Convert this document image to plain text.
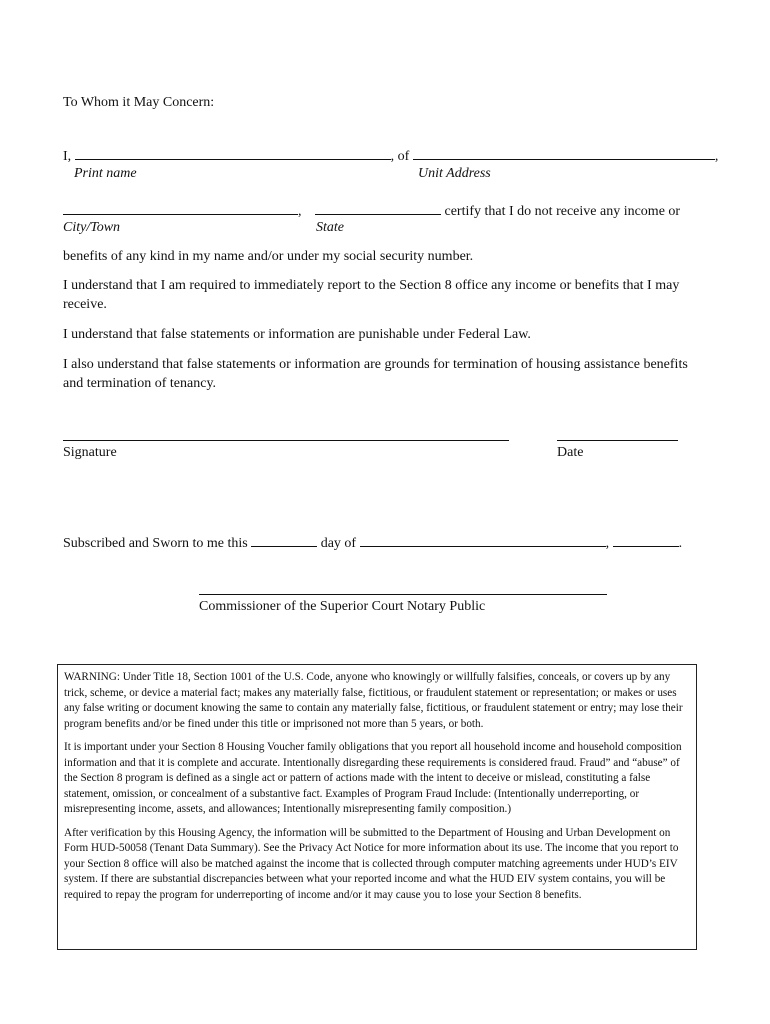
To Whom it May Concern:
I,	, of	,
Print name	Unit Address
,	certify that I do not receive any income or
City/Town	State
benefits of any kind in my name and/or under my social security number.
I understand that I am required to immediately report to the Section 8 office any income or benefits that I may receive.
I understand that false statements or information are punishable under Federal Law.
I also understand that false statements or information are grounds for termination of housing assistance benefits and termination of tenancy.
Signature	Date
Subscribed and Sworn to me this	day of	,	.
Commissioner of the Superior Court Notary Public

WARNING: Under Title 18, Section 1001 of the U.S. Code, anyone who knowingly or willfully falsifies, conceals, or covers up by any trick, scheme, or device a material fact; makes any materially false, fictitious, or fraudulent statement or representation; or makes or uses any false writing or document knowing the same to contain any materially false, fictitious, or fraudulent statement or entry; may lose their program benefits and/or be fined under this title or imprisoned not more than 5 years, or both.

It is important under your Section 8 Housing Voucher family obligations that you report all household income and household composition information and that it is complete and accurate. Intentionally disregarding these requirements is considered fraud. Fraud” and “abuse” of the Section 8 program is defined as a single act or pattern of actions made with the intent to deceive or mislead, constituting a false statement, omission, or concealment of a substantive fact. Examples of Program Fraud Include: (Intentionally underreporting, or misrepresenting income, assets, and allowances; Intentionally misrepresenting family composition.)

After verification by this Housing Agency, the information will be submitted to the Department of Housing and Urban Development on Form HUD-50058 (Tenant Data Summary). See the Privacy Act Notice for more information about its use. The income that you report to your Section 8 office will also be matched against the income that is collected through computer matching agreements under HUD’s EIV system. If there are substantial discrepancies between what your reported income and what the HUD EIV system contains, you will be required to repay the program for underreporting of income and/or it may cause you to lose your Section 8 benefits.
